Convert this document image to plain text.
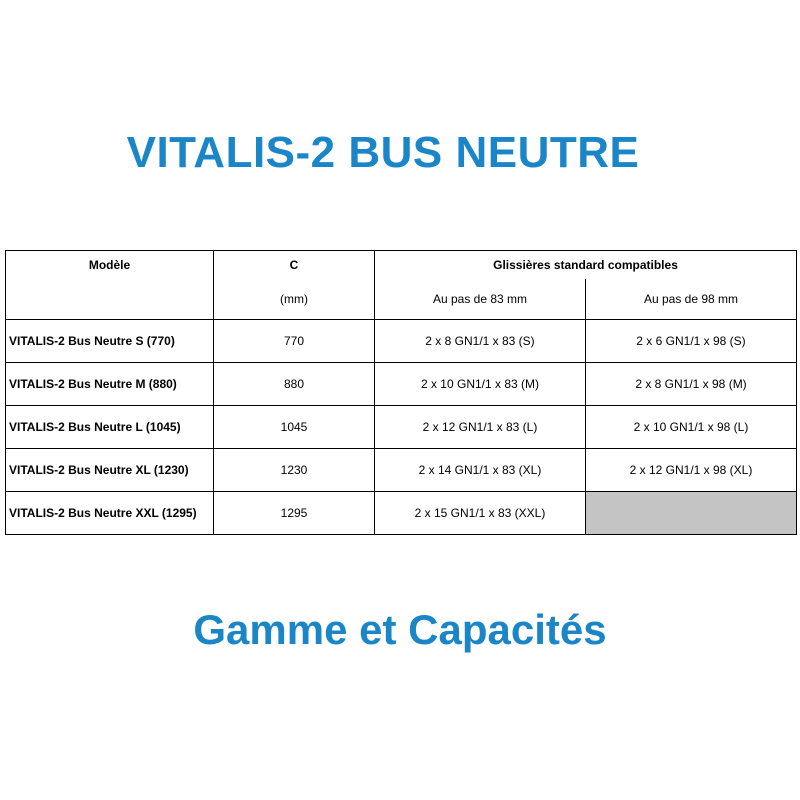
VITALIS-2 BUS NEUTRE
Modèle	C	Glissières standard compatibles	
	(mm)	Au pas de 83 mm	Au pas de 98 mm
VITALIS-2 Bus Neutre S (770)	770	2 x 8 GN1/1 x 83 (S)	2 x 6 GN1/1 x 98 (S)
VITALIS-2 Bus Neutre M (880)	880	2 x 10 GN1/1 x 83 (M)	2 x 8 GN1/1 x 98 (M)
VITALIS-2 Bus Neutre L (1045)	1045	2 x 12 GN1/1 x 83 (L)	2 x 10 GN1/1 x 98 (L)
VITALIS-2 Bus Neutre XL (1230)	1230	2 x 14 GN1/1 x 83 (XL)	2 x 12 GN1/1 x 98 (XL)
VITALIS-2 Bus Neutre XXL (1295)	1295	2 x 15 GN1/1 x 83 (XXL)	
Gamme et Capacités
